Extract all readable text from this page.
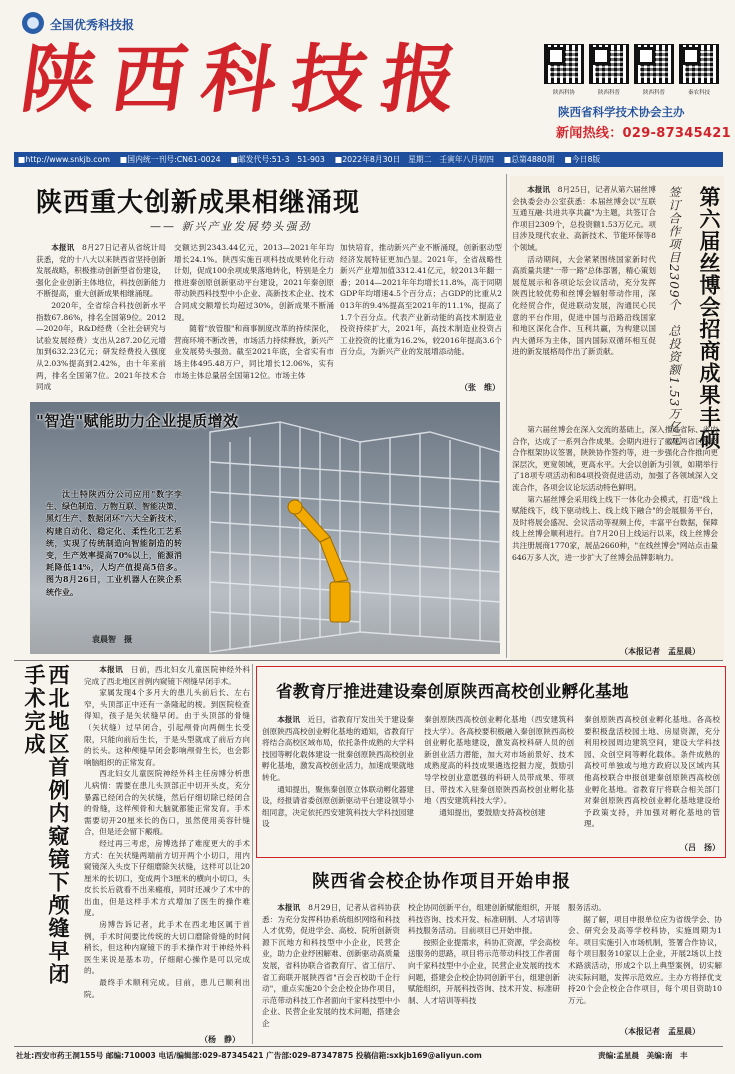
全国优秀科技报
陕西科技报	陕西科协	陕西科普	陕西科普	秦农科技
陕西省科学技术协会主办
新闻热线：029-87345421
■http://www.snkjb.com ■国内统一刊号:CN61-0024 ■邮发代号:51-3　51-903 ■2022年8月30日　星期二　壬寅年八月初四 ■总第4880期 ■今日8版
陕西重大创新成果相继涌现
—— 新兴产业发展势头强劲

本报讯　 8月27日记者从省统计局获悉，党的十八大以来陕西省坚持创新发展战略，积极推动创新型省份建设，强化企业创新主体地位，科技创新能力不断提高，重大创新成果相继涌现。

2020年，全省综合科技创新水平指数67.86%，排名全国第9位。2012—2020年，R&D经费（全社会研究与试验发展经费）支出从287.20亿元增加到632.23亿元；研发经费投入强度从2.03%提高到2.42%，由十年来前两，排名全国第7位。2021年技术合同成

交额达到2343.44亿元，2013—2021年年均增长24.1%。陕西实施百项科技成果转化行动计划，促成100余项成果落地转化，特别是全力推进秦创原创新驱动平台建设，2021年秦创原带动陕西科技型中小企业、高新技术企业、技术合同成交额增长均超过30%，创新成果不断涌现。

随着"放管服"和商事制度改革的持续深化，营商环境不断改善，市场活力持续释放，新兴产业发展势头强劲。截至2021年底，全省实有市场主体495.48万户，同比增长12.06%，实有市场主体总量居全国第12位。市场主体

加快培育，推动新兴产业不断涌现，创新驱动型经济发展特征更加凸显。2021年，全省战略性新兴产业增加值3312.41亿元，较2013年翻一番；2014—2021年年均增长11.8%，高于同期GDP年均增速4.5个百分点；占GDP的比重从2013年的9.4%提高至2021年的11.1%，提高了1.7个百分点。代表产业新动能的高技术制造业投资持续扩大，2021年，高技术制造业投资占工业投资的比重为16.2%，较2016年提高3.6个百分点，为新兴产业的发展增添动能。

（张　维）
"智造"赋能助力企业提质增效
汰士特陕西分公司应用"数字孪生、绿色制造、万物互联、智能决策、黑灯生产、数据闭环"六大全新技术，构建自动化、稳定化、柔性化工艺系统，实现了传统制造向智能制造的转变，生产效率提高70%以上，能源消耗降低14%，人均产值提高5倍多。图为8月26日，工业机器人在陕企系统作业。
袁晨智　摄
第六届丝博会招商成果丰硕
签订合作项目2309个　总投资额1.53万亿元

本报讯　 8月25日，记者从第六届丝博会执委会办公室获悉：本届丝博会以"互联互通互融·共进共享共赢"为主题，共签订合作项目2309个，总投资额1.53万亿元。项目涉及现代农业、高新技术、节能环保等8个领域。

活动期间，大会紧紧围绕国家新时代高质量共建"一带一路"总体部署，精心策划展览展示和各项论坛会议活动，充分发挥陕西比较优势和丝博会辐射带动作用，深化经贸合作，促进联动发展，沟通民心民意的平台作用，促进中国与沿路沿线国家和地区深化合作、互利共赢，为构建以国内大循环为主体，国内国际双循环相互促进的新发展格局作出了新贡献。

第六届丝博会在深入交流的基础上，深入推进省际、省内合作，达成了一系列合作成果。会期内进行了徽陕两省区战略合作框架协议签署，陕陕协作签约等，进一步强化合作推向更深层次，更宽领域，更高水平。大会以创新为引领，如期举行了18项专项活动和84项投资促进活动，加强了各领域深入交流合作，各项会议论坛活动特色鲜明。

第六届丝博会采用线上线下一体化办会模式，打造"线上赋能线下，线下驱动线上、线上线下融合"的会展服务平台，及时将展会盛况、会议活动等视频上传，丰富平台数据，保障线上丝博会顺利进行。自7月20日上线运行以来，线上丝博会共注册展商1770家，展品2660种，"在线丝博会"网站点击量646万多人次，进一步扩大了丝博会品牌影响力。

（本报记者　孟星晨）
西北地区首例内窥镜下颅缝早闭手术完成	本报讯　 日前，西北妇女儿童医院神经外科完成了西北地区首例内窥镜下颅缝早闭手术。

家属发现4个多月大的患儿头前后长、左右窄，头顶部正中还有一条隆起的棱。到医院检查得知，孩子是矢状缝早闭。由于头顶部的骨缝（矢状缝）过早闭合，引起颅骨向两侧生长受限，只能向前后生长，于是头型就成了前后方向的长头。这种颅缝早闭会影响颅骨生长，也会影响脑组织的正常发育。

西北妇女儿童医院神经外科主任房博分析患儿病情：需要在患儿头顶部正中切开头皮，充分暴露已经闭合的矢状缝，然后仔细切除已经闭合的骨缝，这样颅骨和大脑就都能正常发育。手术需要切开20厘米长的伤口，虽然使用美容针缝合，但是还会留下瘢痕。

经过再三考虑，房博选择了难度更大的手术方式：在矢状缝两端前方切开两个小切口，用内窥镜深入头皮下仔细磨除矢状缝，这样可以让20厘米的长切口，变成两个3厘米的横向小切口，头皮长长后就看不出来瘢痕，同时还减少了术中的出血，但是这样手术方式增加了医生的操作难度。

房博告诉记者，此手术在西北地区属于首例，手术时间要比传统的大切口磨除骨缝的时间稍长，但这种内窥镜下的手术操作对于神经外科医生来说是基本功，仔细耐心操作是可以完成的。

最终手术顺利完成。目前，患儿已顺利出院。

（杨　静）
省教育厅推进建设秦创原陕西高校创业孵化基地

本报讯　 近日，省教育厅发出关于建设秦创原陕西高校创业孵化基地的通知，省教育厅将结合高校区域布局，依托条件成熟的大学科技园等孵化载体建设一批秦创原陕西高校创业孵化基地，激发高校创业活力，加速成果就地转化。

通知提出，聚焦秦创原立体联动孵化器建设，经报请省委创原创新驱动平台建设领导小组同意，决定依托西安建筑科技大学科技园建设

秦创原陕西高校创业孵化基地（西安建筑科技大学）。各高校要积极融入秦创原陕西高校创业孵化基地建设，激发高校科研人员的创新创业活力潜能，加大对市场前景好、技术成熟度高的科技成果遴选挖掘力度，鼓励引导学校创业意愿强的科研人员带成果、带项目、带技术入驻秦创原陕西高校创业孵化基地（西安建筑科技大学）。

通知提出，要鼓励支持高校创建

秦创原陕西高校创业孵化基地。各高校要积极盘活校园土地、房屋资源，充分利用校园周边建筑空间，建设大学科技园、众创空间等孵化载体。条件成熟的高校可单独或与地方政府以及区域内其他高校联合申报创建秦创原陕西高校创业孵化基地。省教育厅将联合相关部门对秦创原陕西高校创业孵化基地建设给予政策支持，并加强对孵化基地的管理。

（吕　扬）
陕西省会校企协作项目开始申报

本报讯　 8月29日，记者从省科协获悉：为充分发挥科协系统组织网络和科技人才优势，促进学会、高校、院所创新资源下沉地方和科技型中小企业，民营企业，助力企业纾困解难、创新驱动高质量发展，省科协联合省教育厅、省工信厅、省工商联开展陕西省"百会百校助千企行动"，重点实施20个会企校企协作项目，示范带动科技工作者面向千家科技型中小企业、民营企业发展的技术问题，搭建会企

校企协同创新平台，组建创新赋能组织，开展科技咨询、技术开发、标准研制、人才培训等科技服务活动。目前项目已开始申报。

按照企业提需求，科协汇资源，学会高校送服务的思路，项目将示范带动科技工作者面向千家科技型中小企业，民营企业发展的技术问题，搭建会企校企协同创新平台，组建创新赋能组织，开展科技咨询、技术开发、标准研制、人才培训等科技

服务活动。

据了解，项目申报单位应为省级学会、协会、研究会及高等学校科协，实施周期为1年。项目实施引入市场机制，签署合作协议，每个项目服务10家以上企业，开展2场以上技术路演活动，形成2个以上典型案例，切实解决实际问题，发挥示范效应。主办方将择优支持20个会企校企合作项目，每个项目资助10万元。

（本报记者　孟星晨）
社址:西安市药王洞155号 邮编:710003 电话/编辑部:029-87345421 广告部:029-87347875 投稿信箱:sxkjb169@aliyun.com	责编:孟星晨　美编:南　丰
